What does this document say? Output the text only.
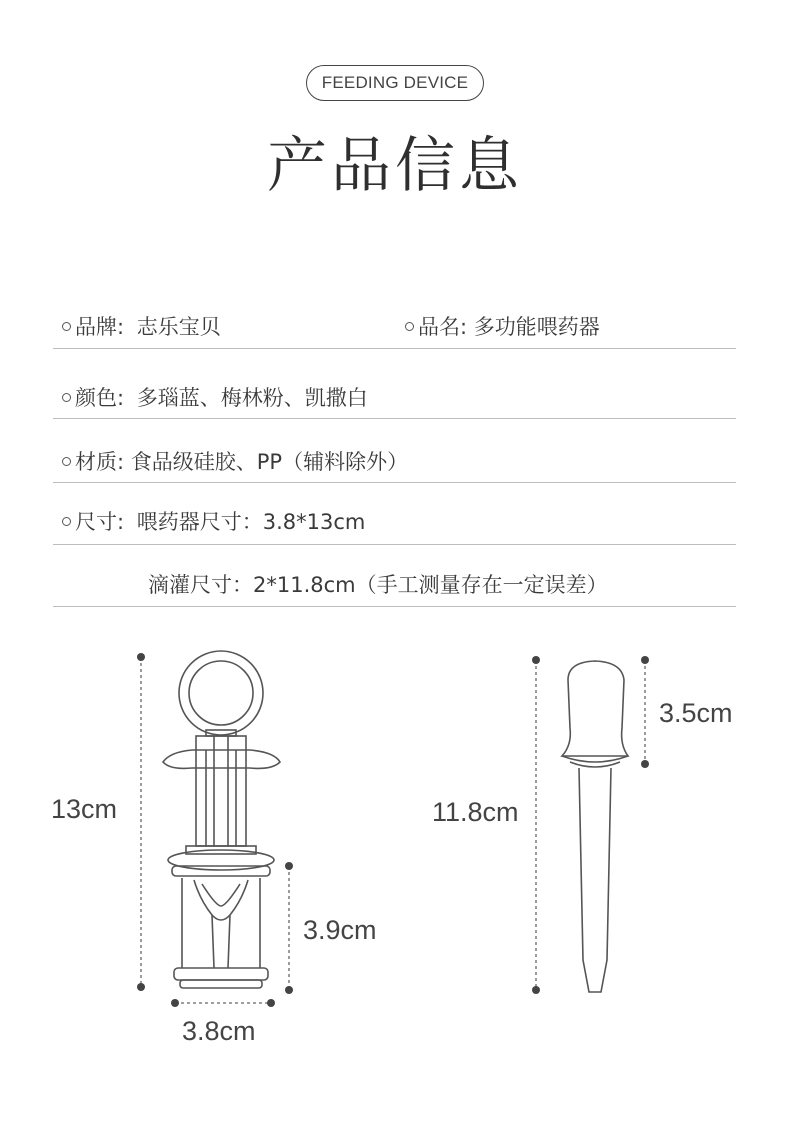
FEEDING DEVICE
产品信息
品牌: 志乐宝贝	品名: 多功能喂药器
颜色: 多瑙蓝、梅林粉、凯撒白
材质: 食品级硅胶、PP（辅料除外）
尺寸: 喂药器尺寸：3.8*13cm
滴灌尺寸：2*11.8cm（手工测量存在一定误差）
13cm
3.9cm
3.8cm
11.8cm
3.5cm
